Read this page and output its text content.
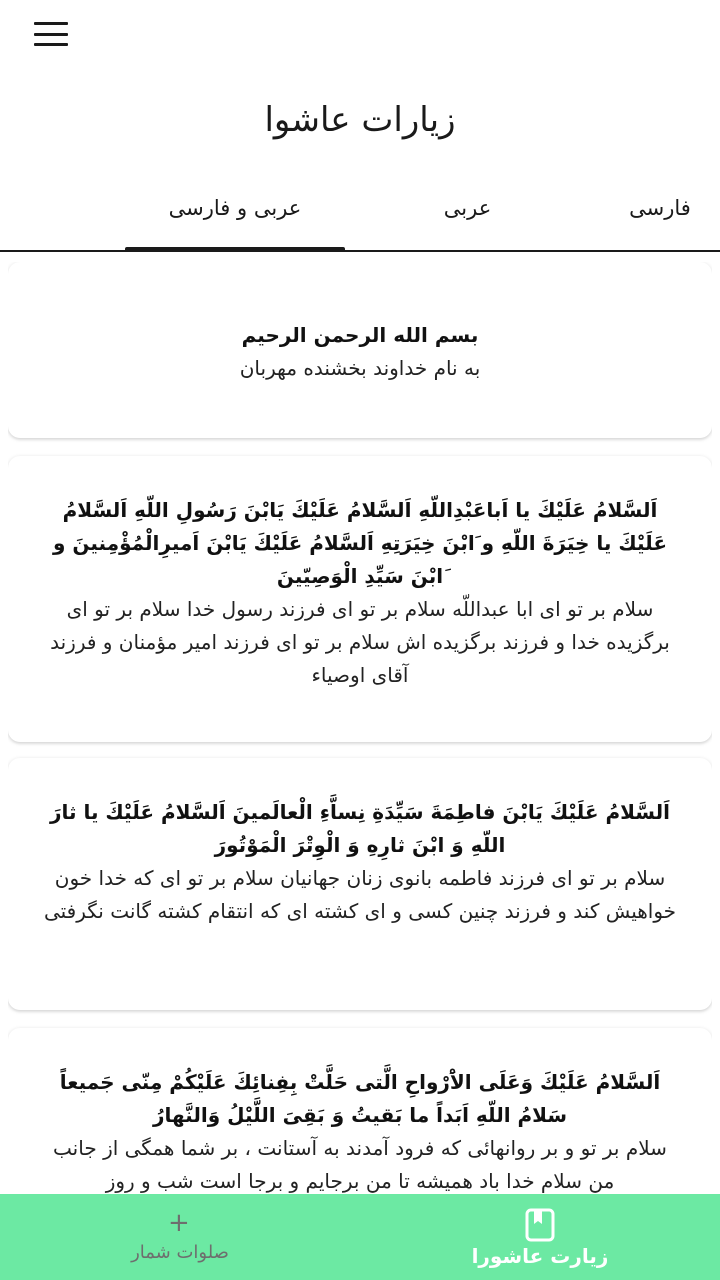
زیارات عاشوا
فارسی
عربی
عربی و فارسی

بسم الله الرحمن الرحيم

به نام خداوند بخشنده مهربان

اَلسَّلامُ عَلَيْكَ يا اَباعَبْدِاللّهِ اَلسَّلامُ عَلَيْكَ يَابْنَ رَسُولِ اللّهِ اَلسَّلامُ عَلَيْكَ يا خِيَرَةَ اللّهِ و َابْنَ خِيَرَتِهِ اَلسَّلامُ عَلَيْكَ يَابْنَ اَميرِالْمُؤْمِنينَ و َابْنَ سَيِّدِ الْوَصِيّينَ

سلام بر تو ای ابا عبداللّه سلام بر تو ای فرزند رسول خدا سلام بر تو ای برگزیده خدا و فرزند برگزیده اش سلام بر تو ای فرزند امیر مؤمنان و فرزند آقای اوصیاء

اَلسَّلامُ عَلَيْكَ يَابْنَ فاطِمَةَ سَيِّدَةِ نِساَّءِ الْعالَمينَ اَلسَّلامُ عَلَيْكَ يا ثارَ اللّهِ وَ ابْنَ ثارِهِ وَ الْوِتْرَ الْمَوْتُورَ

سلام بر تو ای فرزند فاطمه بانوی زنان جهانیان سلام بر تو ای که خدا خون خواهیش کند و فرزند چنین کسی و ای کشته ای که انتقام کشته گانت نگرفتی

اَلسَّلامُ عَلَيْكَ وَعَلَى الاَْرْواحِ الَّتى حَلَّتْ بِفِنائِكَ عَلَيْكُمْ مِنّى جَميعاً سَلامُ اللّهِ اَبَداً ما بَقيتُ وَ بَقِىَ اللَّيْلُ وَالنَّهارُ

سلام بر تو و بر روانهائی که فرود آمدند به آستانت ، بر شما همگی از جانب من سلام خدا باد همیشه تا من برجایم و برجا است شب و روز

+
صلوات شمار	زیارت عاشورا
